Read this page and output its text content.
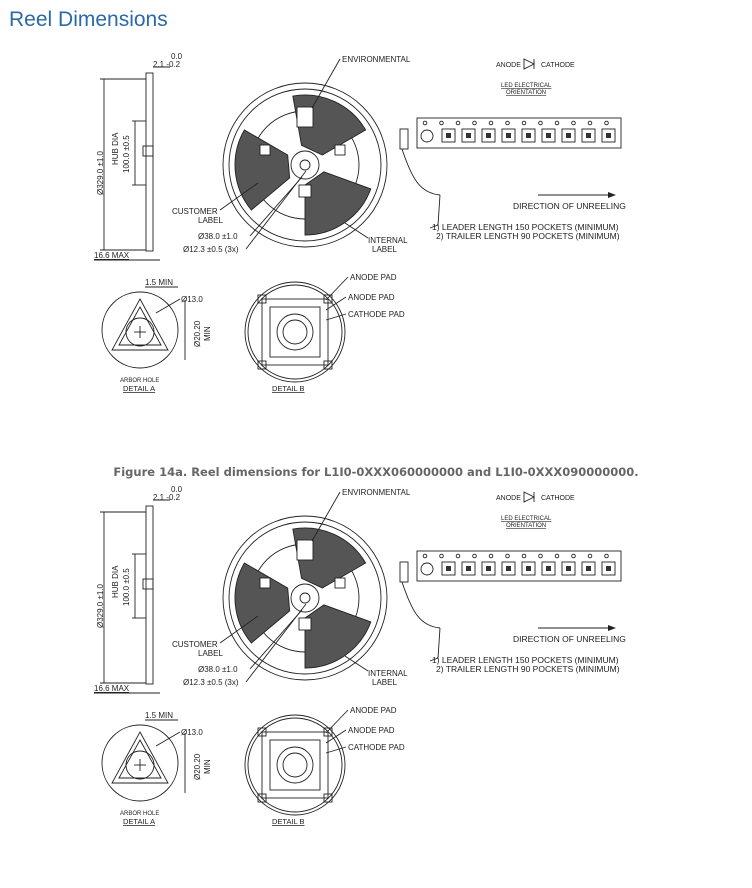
Reel Dimensions
0.0
2.1 -0.2
Ø329.0 ±1.0
HUB DIA 100.0 ±0.5
16.6 MAX
ENVIRONMENTAL
CUSTOMER
LABEL
Ø38.0 ±1.0
Ø12.3 ±0.5 (3x)
INTERNAL
LABEL
DIRECTION OF UNREELING
1) LEADER LENGTH 150 POCKETS (MINIMUM)
2) TRAILER LENGTH 90 POCKETS (MINIMUM)
ANODE	CATHODE
LED ELECTRICAL
ORIENTATION
1.5 MIN
Ø13.0
Ø20.20 MIN
ARBOR HOLE
DETAIL A
ANODE PAD
ANODE PAD
CATHODE PAD
DETAIL B
Figure 14a. Reel dimensions for L1I0-0XXX060000000 and L1I0-0XXX090000000.
0.0
2.1 -0.2
Ø329.0 ±1.0
HUB DIA 100.0 ±0.5
16.6 MAX
ENVIRONMENTAL
CUSTOMER
LABEL
Ø38.0 ±1.0
Ø12.3 ±0.5 (3x)
INTERNAL
LABEL
DIRECTION OF UNREELING
1) LEADER LENGTH 150 POCKETS (MINIMUM)
2) TRAILER LENGTH 90 POCKETS (MINIMUM)
ANODE	CATHODE
LED ELECTRICAL
ORIENTATION
1.5 MIN
Ø13.0
Ø20.20 MIN
ARBOR HOLE
DETAIL A
ANODE PAD
ANODE PAD
CATHODE PAD
DETAIL B
